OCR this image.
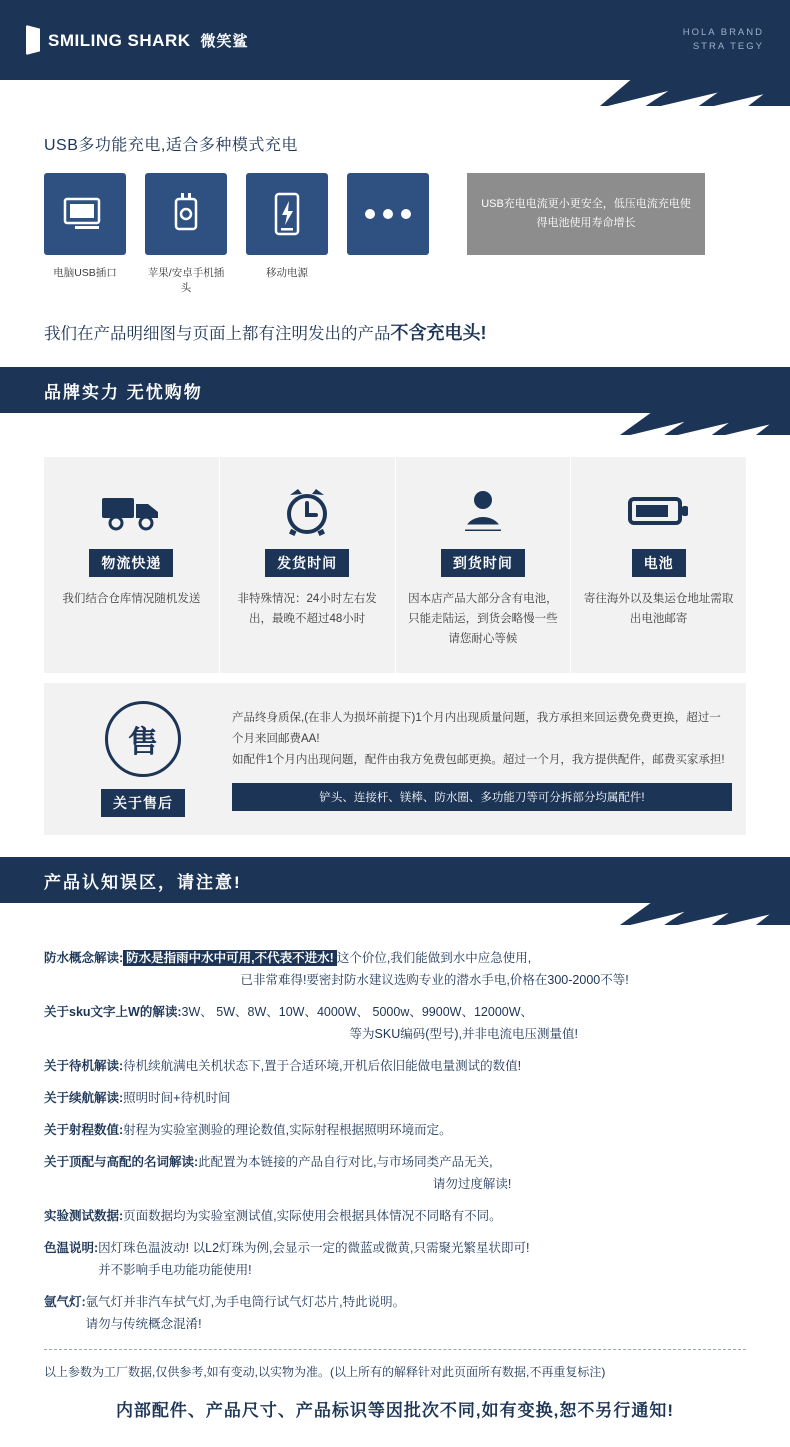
SMILING SHARK 微笑鲨	HOLA BRAND
STRA TEGY
USB多功能充电,适合多种模式充电
电脑USB插口	苹果/安卓手机插头
移动电源
USB充电电流更小更安全，低压电流充电使得电池使用寿命增长
我们在产品明细图与页面上都有注明发出的产品不含充电头!
品牌实力 无忧购物
物流快递
我们结合仓库情况随机发送
发货时间
非特殊情况：24小时左右发出，最晚不超过48小时
到货时间
因本店产品大部分含有电池，只能走陆运，到货会略慢一些请您耐心等候
电池
寄往海外以及集运仓地址需取出电池邮寄
售
关于售后
产品终身质保,(在非人为损坏前提下)1个月内出现质量问题，我方承担来回运费免费更换，超过一个月来回邮费AA!
如配件1个月内出现问题，配件由我方免费包邮更换。超过一个月，我方提供配件，邮费买家承担!
铲头、连接杆、镁棒、防水圈、多功能刀等可分拆部分均属配件!
产品认知误区，请注意!
防水概念解读: 防水是指雨中水中可用,不代表不进水! 这个价位,我们能做到水中应急使用,
已非常难得!要密封防水建议选购专业的潜水手电,价格在300-2000不等!
关于sku文字上W的解读: 3W、 5W、8W、10W、4000W、 5000w、9900W、12000W、
等为SKU编码(型号),并非电流电压测量值!
关于待机解读: 待机续航满电关机状态下,置于合适环境,开机后依旧能做电量测试的数值!
关于续航解读: 照明时间+待机时间
关于射程数值: 射程为实验室测验的理论数值,实际射程根据照明环境而定。
关于顶配与高配的名词解读: 此配置为本链接的产品自行对比,与市场同类产品无关,
请勿过度解读!
实验测试数据: 页面数据均为实验室测试值,实际使用会根据具体情况不同略有不同。
色温说明: 因灯珠色温波动! 以L2灯珠为例,会显示一定的微蓝或微黄,只需聚光繁星状即可!
并不影响手电功能功能使用!
氩气灯: 氩气灯并非汽车拭气灯,为手电筒行试气灯芯片,特此说明。
请勿与传统概念混淆!
以上参数为工厂数据,仅供参考,如有变动,以实物为准。(以上所有的解释针对此页面所有数据,不再重复标注)
内部配件、产品尺寸、产品标识等因批次不同,如有变换,恕不另行通知!
